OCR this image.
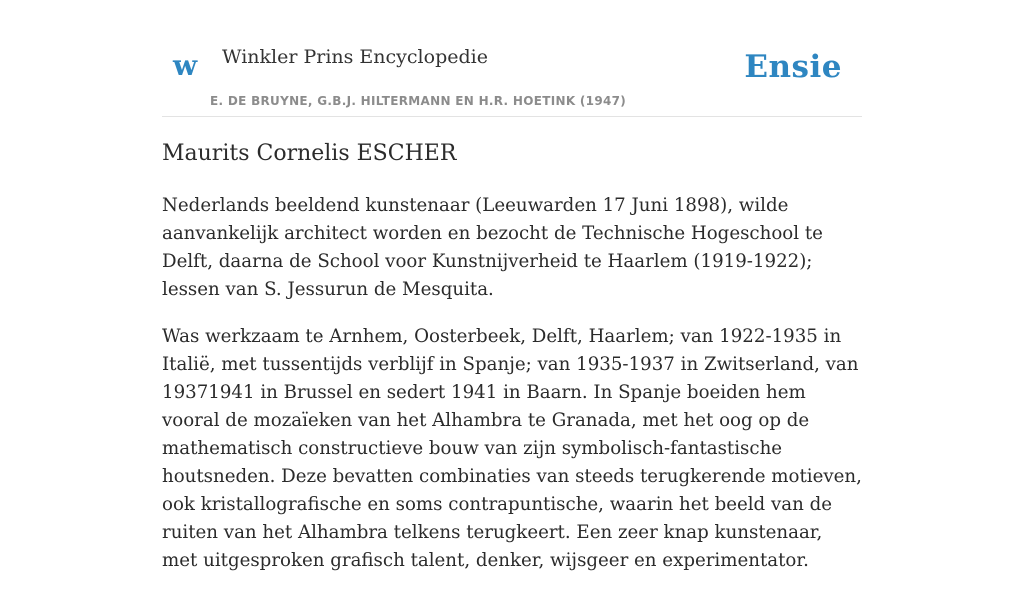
w Winkler Prins Encyclopedie
E. DE BRUYNE, G.B.J. HILTERMANN EN H.R. HOETINK (1947)
Ensie
Maurits Cornelis ESCHER

Nederlands beeldend kunstenaar (Leeuwarden 17 Juni 1898), wilde aanvankelijk architect worden en bezocht de Technische Hogeschool te Delft, daarna de School voor Kunstnijverheid te Haarlem (1919-1922); lessen van S. Jessurun de Mesquita.

Was werkzaam te Arnhem, Oosterbeek, Delft, Haarlem; van 1922-1935 in Italië, met tussentijds verblijf in Spanje; van 1935-1937 in Zwitserland, van 19371941 in Brussel en sedert 1941 in Baarn. In Spanje boeiden hem vooral de mozaïeken van het Alhambra te Granada, met het oog op de mathematisch constructieve bouw van zijn symbolisch-fantastische houtsneden. Deze bevatten combinaties van steeds terugkerende motieven, ook kristallografische en soms contrapuntische, waarin het beeld van de ruiten van het Alhambra telkens terugkeert. Een zeer knap kunstenaar, met uitgesproken grafisch talent, denker, wijsgeer en experimentator.
